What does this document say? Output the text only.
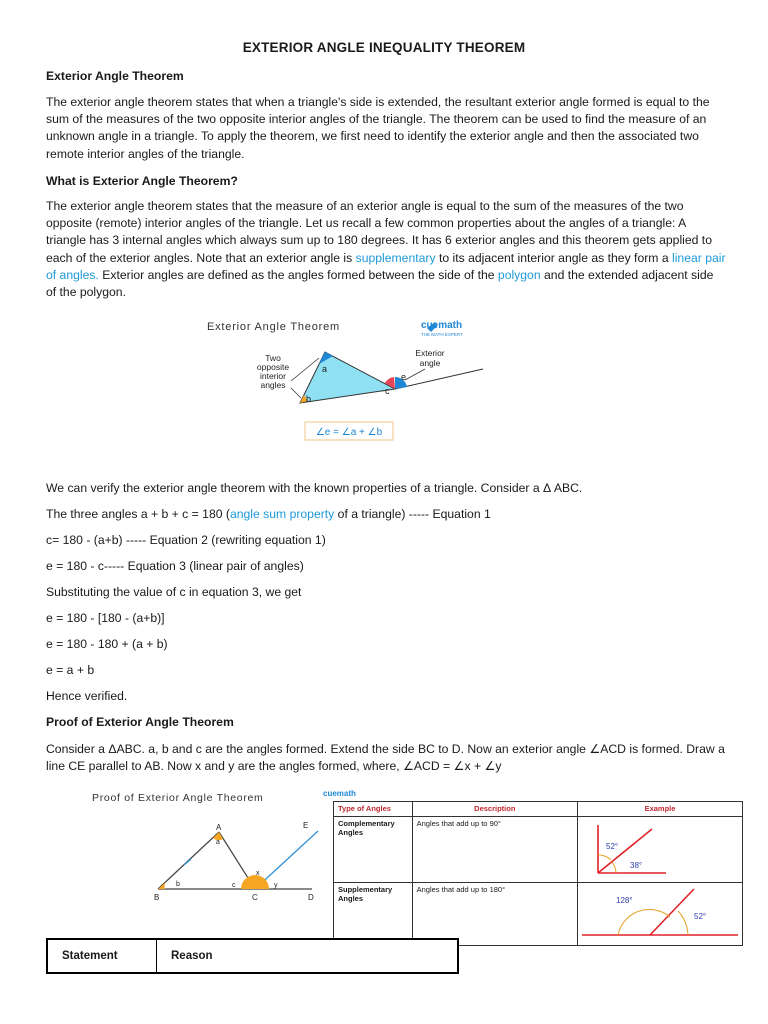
EXTERIOR ANGLE INEQUALITY THEOREM

Exterior Angle Theorem

The exterior angle theorem states that when a triangle's side is extended, the resultant exterior angle formed is equal to the sum of the measures of the two opposite interior angles of the triangle. The theorem can be used to find the measure of an unknown angle in a triangle. To apply the theorem, we first need to identify the exterior angle and then the associated two remote interior angles of the triangle.

What is Exterior Angle Theorem?

The exterior angle theorem states that the measure of an exterior angle is equal to the sum of the measures of the two opposite (remote) interior angles of the triangle. Let us recall a few common properties about the angles of a triangle: A triangle has 3 internal angles which always sum up to 180 degrees. It has 6 exterior angles and this theorem gets applied to each of the exterior angles. Note that an exterior angle is supplementary to its adjacent interior angle as they form a linear pair of angles. Exterior angles are defined as the angles formed between the side of the polygon and the extended adjacent side of the polygon.

Exterior Angle Theorem	cuemath
THE MATH EXPERT
a
b
c
e
Two
opposite
interior
angles
Exterior
angle
∠e = ∠a + ∠b

We can verify the exterior angle theorem with the known properties of a triangle. Consider a Δ ABC.

The three angles a + b + c = 180 (angle sum property of a triangle) ----- Equation 1

c= 180 - (a+b) ----- Equation 2 (rewriting equation 1)

e = 180 - c----- Equation 3 (linear pair of angles)

Substituting the value of c in equation 3, we get

e = 180 - [180 - (a+b)]

e = 180 - 180 + (a + b)

e = a + b

Hence verified.

Proof of Exterior Angle Theorem

Consider a ΔABC. a, b and c are the angles formed. Extend the side BC to D. Now an exterior angle ∠ACD is formed. Draw a line CE parallel to AB. Now x and y are the angles formed, where, ∠ACD = ∠x + ∠y

Proof of Exterior Angle Theorem
A
a
b
B
c
C
x
y
D
E
cuemath
Type of Angles	Description	Example
Complementary Angles	Angles that add up to 90°	52°
38°

Supplementary Angles	Angles that add up to 180°	128°
52°
Statement	Reason
